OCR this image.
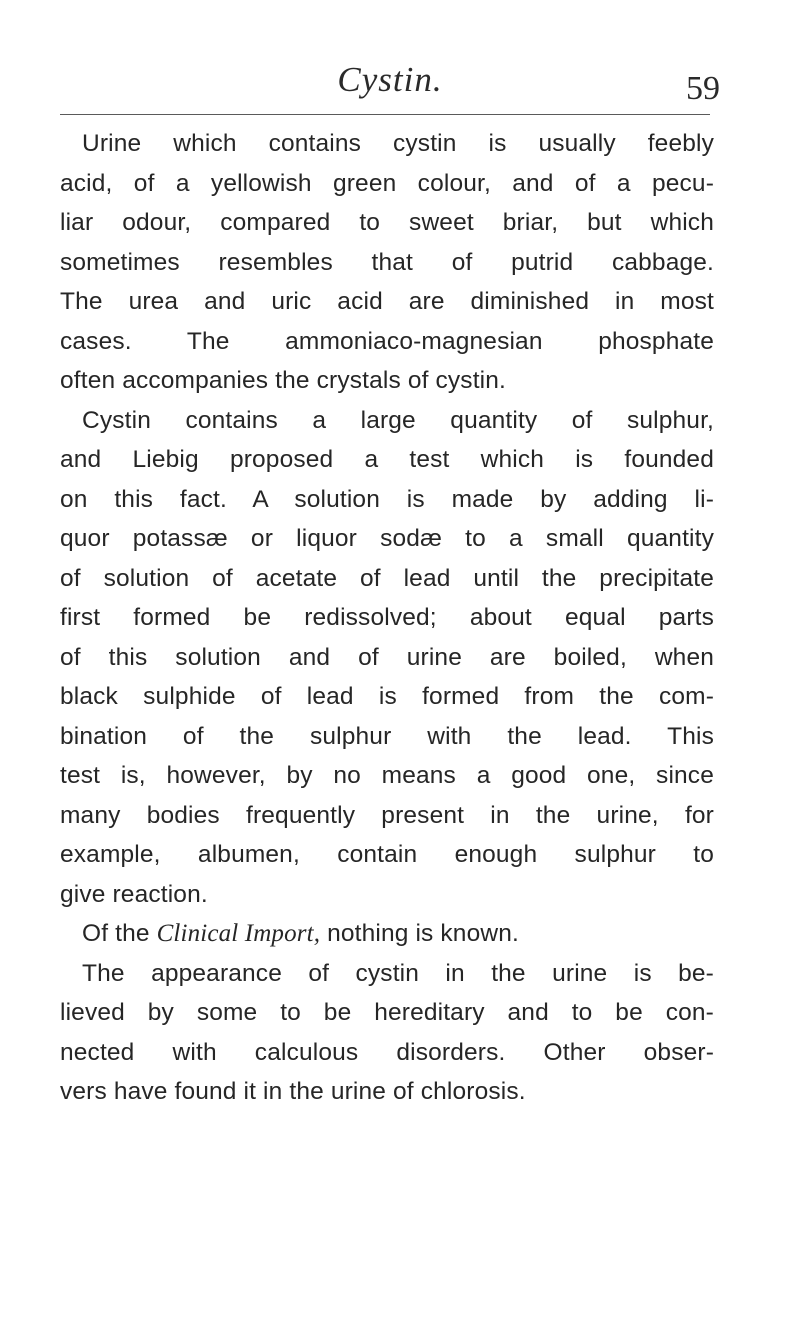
Cystin.	59
Urine which contains cystin is usually feebly
acid, of a yellowish green colour, and of a pecu-
liar odour, compared to sweet briar, but which
sometimes resembles that of putrid cabbage.
The urea and uric acid are diminished in most
cases. The ammoniaco-magnesian phosphate
often accompanies the crystals of cystin.
Cystin contains a large quantity of sulphur,
and Liebig proposed a test which is founded
on this fact. A solution is made by adding li-
quor potassæ or liquor sodæ to a small quantity
of solution of acetate of lead until the precipitate
first formed be redissolved; about equal parts
of this solution and of urine are boiled, when
black sulphide of lead is formed from the com-
bination of the sulphur with the lead. This
test is, however, by no means a good one, since
many bodies frequently present in the urine, for
example, albumen, contain enough sulphur to
give reaction.
Of the Clinical Import, nothing is known.
The appearance of cystin in the urine is be-
lieved by some to be hereditary and to be con-
nected with calculous disorders. Other obser-
vers have found it in the urine of chlorosis.
